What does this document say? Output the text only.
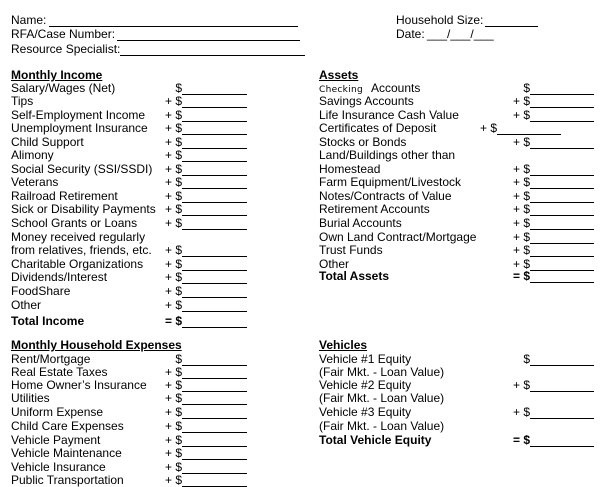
Name:
RFA/Case Number:
Resource Specialist:
Household Size:
Date: ___/___/___
Monthly Income
Salary/Wages (Net)	$
Tips	+ $
Self-Employment Income + $
Unemployment Insurance + $
Child Support	+ $
Alimony	+ $
Social Security (SSI/SSDI) + $
Veterans	+ $
Railroad Retirement	+ $
Sick or Disability Payments + $
School Grants or Loans + $
Money received regularly
from relatives, friends, etc. + $
Charitable Organizations + $
Dividends/Interest	+ $
FoodShare	+ $
Other	+ $
Total Income	= $
Assets
Checking Accounts	$
Savings Accounts	+ $
Life Insurance Cash Value	+ $
Certificates of Deposit	+ $
Stocks or Bonds	+ $
Land/Buildings other than
Homestead	+ $
Farm Equipment/Livestock	+ $
Notes/Contracts of Value	+ $
Retirement Accounts	+ $
Burial Accounts	+ $
Own Land Contract/Mortgage	+ $
Trust Funds	+ $
Other	+ $
Total Assets	= $
Monthly Household Expenses
Rent/Mortgage	$
Real Estate Taxes	+ $
Home Owner’s Insurance + $
Utilities	+ $
Uniform Expense	+ $
Child Care Expenses	+ $
Vehicle Payment	+ $
Vehicle Maintenance	+ $
Vehicle Insurance	+ $
Public Transportation	+ $
Vehicles
Vehicle #1 Equity	$
(Fair Mkt. - Loan Value)
Vehicle #2 Equity	+ $
(Fair Mkt. - Loan Value)
Vehicle #3 Equity	+ $
(Fair Mkt. - Loan Value)
Total Vehicle Equity	= $
